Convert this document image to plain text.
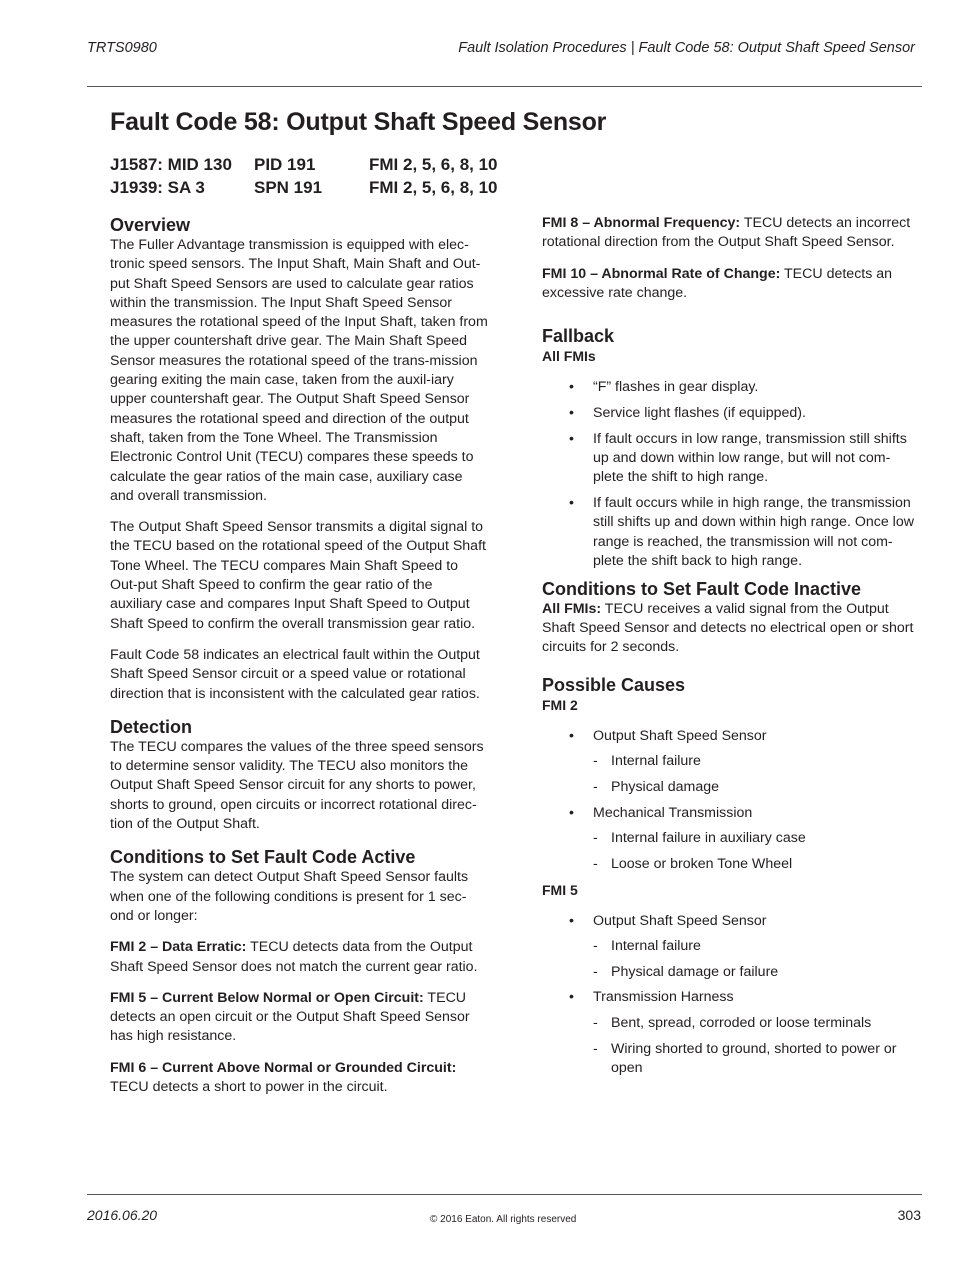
TRTS0980	Fault Isolation Procedures | Fault Code 58: Output Shaft Speed Sensor
Fault Code 58: Output Shaft Speed Sensor
J1587: MID 130 PID 191	FMI 2, 5, 6, 8, 10
J1939: SA 3	SPN 191	FMI 2, 5, 6, 8, 10
Overview

The Fuller Advantage transmission is equipped with elec-tronic speed sensors. The Input Shaft, Main Shaft and Out-put Shaft Speed Sensors are used to calculate gear ratios within the transmission. The Input Shaft Speed Sensor measures the rotational speed of the Input Shaft, taken from the upper countershaft drive gear. The Main Shaft Speed Sensor measures the rotational speed of the trans-mission gearing exiting the main case, taken from the auxil-iary upper countershaft gear. The Output Shaft Speed Sensor measures the rotational speed and direction of the output shaft, taken from the Tone Wheel. The Transmission Electronic Control Unit (TECU) compares these speeds to calculate the gear ratios of the main case, auxiliary case and overall transmission.

The Output Shaft Speed Sensor transmits a digital signal to the TECU based on the rotational speed of the Output Shaft Tone Wheel. The TECU compares Main Shaft Speed to Out-put Shaft Speed to confirm the gear ratio of the auxiliary case and compares Input Shaft Speed to Output Shaft Speed to confirm the overall transmission gear ratio.

Fault Code 58 indicates an electrical fault within the Output Shaft Speed Sensor circuit or a speed value or rotational direction that is inconsistent with the calculated gear ratios.

Detection

The TECU compares the values of the three speed sensors to determine sensor validity. The TECU also monitors the Output Shaft Speed Sensor circuit for any shorts to power, shorts to ground, open circuits or incorrect rotational direc-tion of the Output Shaft.

Conditions to Set Fault Code Active

The system can detect Output Shaft Speed Sensor faults when one of the following conditions is present for 1 sec-ond or longer:

FMI 2 – Data Erratic: TECU detects data from the Output Shaft Speed Sensor does not match the current gear ratio.

FMI 5 – Current Below Normal or Open Circuit: TECU detects an open circuit or the Output Shaft Speed Sensor has high resistance.

FMI 6 – Current Above Normal or Grounded Circuit: TECU detects a short to power in the circuit.

FMI 8 – Abnormal Frequency: TECU detects an incorrect rotational direction from the Output Shaft Speed Sensor.

FMI 10 – Abnormal Rate of Change: TECU detects an excessive rate change.

Fallback
All FMIs
• “F” flashes in gear display.
• Service light flashes (if equipped).
• If fault occurs in low range, transmission still shifts up and down within low range, but will not com-plete the shift to high range.
• If fault occurs while in high range, the transmission still shifts up and down within high range. Once low range is reached, the transmission will not com-plete the shift back to high range.
Conditions to Set Fault Code Inactive

All FMIs: TECU receives a valid signal from the Output Shaft Speed Sensor and detects no electrical open or short circuits for 2 seconds.

Possible Causes
FMI 2
• Output Shaft Speed Sensor
- Internal failure
- Physical damage
• Mechanical Transmission
- Internal failure in auxiliary case
- Loose or broken Tone Wheel
FMI 5
• Output Shaft Speed Sensor
- Internal failure
- Physical damage or failure
• Transmission Harness
- Bent, spread, corroded or loose terminals
- Wiring shorted to ground, shorted to power or open
2016.06.20	© 2016 Eaton. All rights reserved	303
